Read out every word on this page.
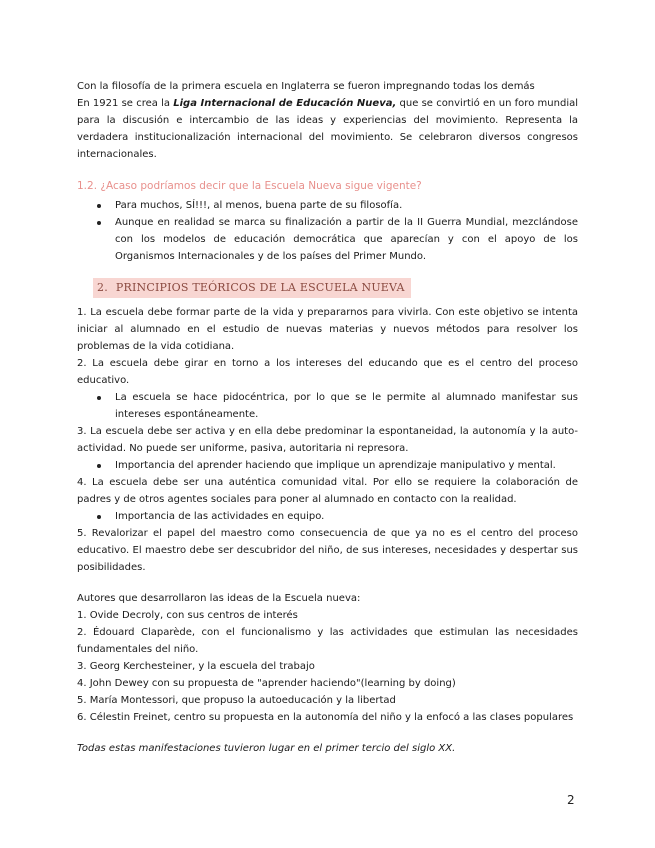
Con la filosofía de la primera escuela en Inglaterra se fueron impregnando todas los demás

En 1921 se crea la Liga Internacional de Educación Nueva, que se convirtió en un foro mundial para la discusión e intercambio de las ideas y experiencias del movimiento. Representa la verdadera institucionalización internacional del movimiento. Se celebraron diversos congresos internacionales.

1.2. ¿Acaso podríamos decir que la Escuela Nueva sigue vigente?

Para muchos, SÍ!!!, al menos, buena parte de su filosofía.
Aunque en realidad se marca su finalización a partir de la II Guerra Mundial, mezclándose con los modelos de educación democrática que aparecían y con el apoyo de los Organismos Internacionales y de los países del Primer Mundo.
2. PRINCIPIOS TEÓRICOS DE LA ESCUELA NUEVA

1. La escuela debe formar parte de la vida y prepararnos para vivirla. Con este objetivo se intenta iniciar al alumnado en el estudio de nuevas materias y nuevos métodos para resolver los problemas de la vida cotidiana.

2. La escuela debe girar en torno a los intereses del educando que es el centro del proceso educativo.

La escuela se hace pidocéntrica, por lo que se le permite al alumnado manifestar sus intereses espontáneamente.

3. La escuela debe ser activa y en ella debe predominar la espontaneidad, la autonomía y la auto-actividad. No puede ser uniforme, pasiva, autoritaria ni represora.

Importancia del aprender haciendo que implique un aprendizaje manipulativo y mental.

4. La escuela debe ser una auténtica comunidad vital. Por ello se requiere la colaboración de padres y de otros agentes sociales para poner al alumnado en contacto con la realidad.

Importancia de las actividades en equipo.

5. Revalorizar el papel del maestro como consecuencia de que ya no es el centro del proceso educativo. El maestro debe ser descubridor del niño, de sus intereses, necesidades y despertar sus posibilidades.

Autores que desarrollaron las ideas de la Escuela nueva:

1. Ovide Decroly, con sus centros de interés

2. Édouard Claparède, con el funcionalismo y las actividades que estimulan las necesidades fundamentales del niño.

3. Georg Kerchesteiner, y la escuela del trabajo

4. John Dewey con su propuesta de "aprender haciendo"(learning by doing)

5. María Montessori, que propuso la autoeducación y la libertad

6. Célestin Freinet, centro su propuesta en la autonomía del niño y la enfocó a las clases populares

Todas estas manifestaciones tuvieron lugar en el primer tercio del siglo XX.

2
